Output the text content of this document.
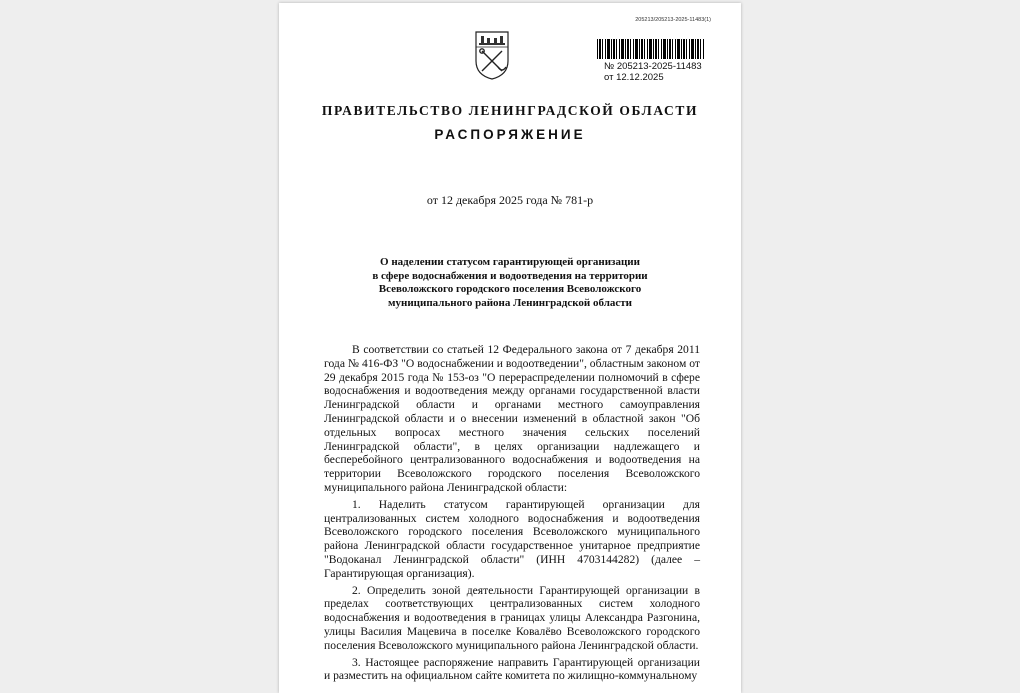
205213/205213-2025-11483(1)
№ 205213-2025-11483
от 12.12.2025
ПРАВИТЕЛЬСТВО ЛЕНИНГРАДСКОЙ ОБЛАСТИ
РАСПОРЯЖЕНИЕ
от 12 декабря 2025 года № 781-р
О наделении статусом гарантирующей организации
в сфере водоснабжения и водоотведения на территории
Всеволожского городского поселения Всеволожского
муниципального района Ленинградской области

В соответствии со статьей 12 Федерального закона от 7 декабря 2011 года № 416-ФЗ "О водоснабжении и водоотведении", областным законом от 29 декабря 2015 года № 153-оз "О перераспределении полномочий в сфере водоснабжения и водоотведения между органами государственной власти Ленинградской области и органами местного самоуправления Ленинградской области и о внесении изменений в областной закон "Об отдельных вопросах местного значения сельских поселений Ленинградской области", в целях организации надлежащего и бесперебойного централизованного водоснабжения и водоотведения на территории Всеволожского городского поселения Всеволожского муниципального района Ленинградской области:

1. Наделить статусом гарантирующей организации для централизованных систем холодного водоснабжения и водоотведения Всеволожского городского поселения Всеволожского муниципального района Ленинградской области государственное унитарное предприятие "Водоканал Ленинградской области" (ИНН 4703144282) (далее – Гарантирующая организация).

2. Определить зоной деятельности Гарантирующей организации в пределах соответствующих централизованных систем холодного водоснабжения и водоотведения в границах улицы Александра Разгонина, улицы Василия Мацевича в поселке Ковалёво Всеволожского городского поселения Всеволожского муниципального района Ленинградской области.

3. Настоящее распоряжение направить Гарантирующей организации и разместить на официальном сайте комитета по жилищно-коммунальному
